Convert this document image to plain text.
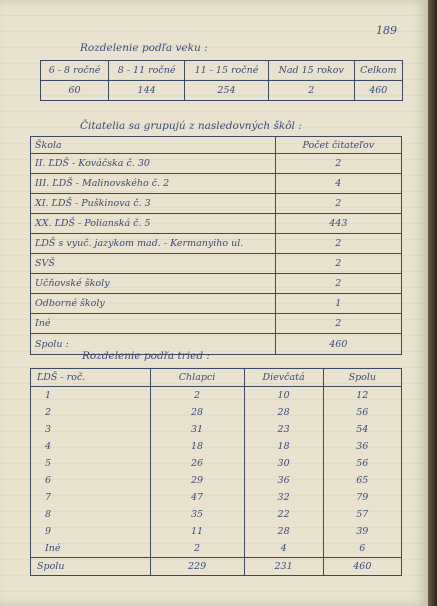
189
Rozdelenie podľa veku :
6 - 8 ročné	8 - 11 ročné	11 - 15 ročné	Nad 15 rokov	Celkom
60	144	254	2	460
Čitatelia sa grupujú z nasledovných škôl :
Škola	Počet čitateľov
II. ĽDŠ - Kováčska č. 30	2
III. ĽDŠ - Malinovského č. 2	4
XI. ĽDŠ - Puškinova č. 3	2
XX. ĽDŠ - Polianská č. 5	443
ĽDŠ s vyuč. jazykom mad. - Kermanyiho ul.	2
SVŠ	2
Učňovské školy	2
Odborné školy	1
Iné	2
Spolu :	460
Rozdelenie podľa tried :
ĽDŠ - roč.	Chlapci	Dievčatá	Spolu
1	2	10	12
2	28	28	56
3	31	23	54
4	18	18	36
5	26	30	56
6	29	36	65
7	47	32	79
8	35	22	57
9	11	28	39
Iné	2	4	6
Spolu	229	231	460
